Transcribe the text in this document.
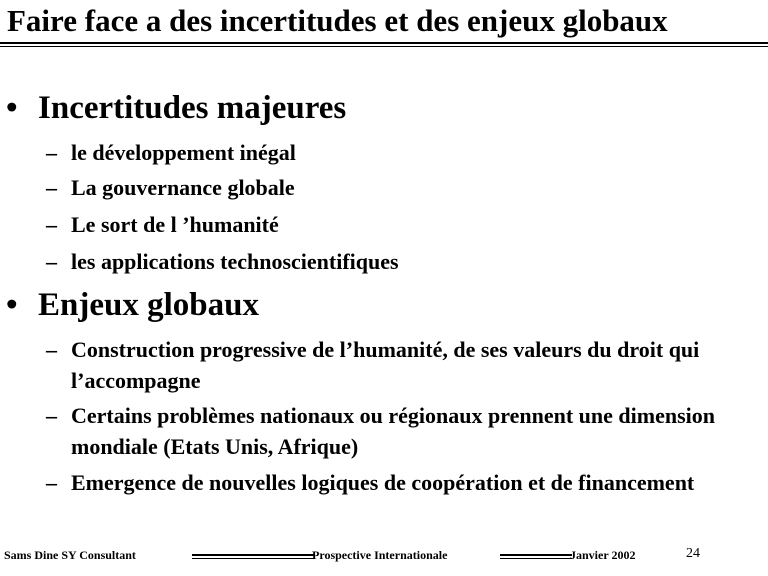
Faire face a des incertitudes et des enjeux globaux
• Incertitudes majeures
– le développement inégal
– La gouvernance globale
– Le sort de l ’humanité
– les applications technoscientifiques
• Enjeux globaux
– Construction progressive de l’humanité, de ses valeurs du droit qui l’accompagne
– Certains problèmes nationaux ou régionaux prennent une dimension mondiale (Etats Unis, Afrique)
– Emergence de nouvelles logiques de coopération et de financement
Sams Dine SY Consultant	Prospective Internationale	Janvier 2002	24
